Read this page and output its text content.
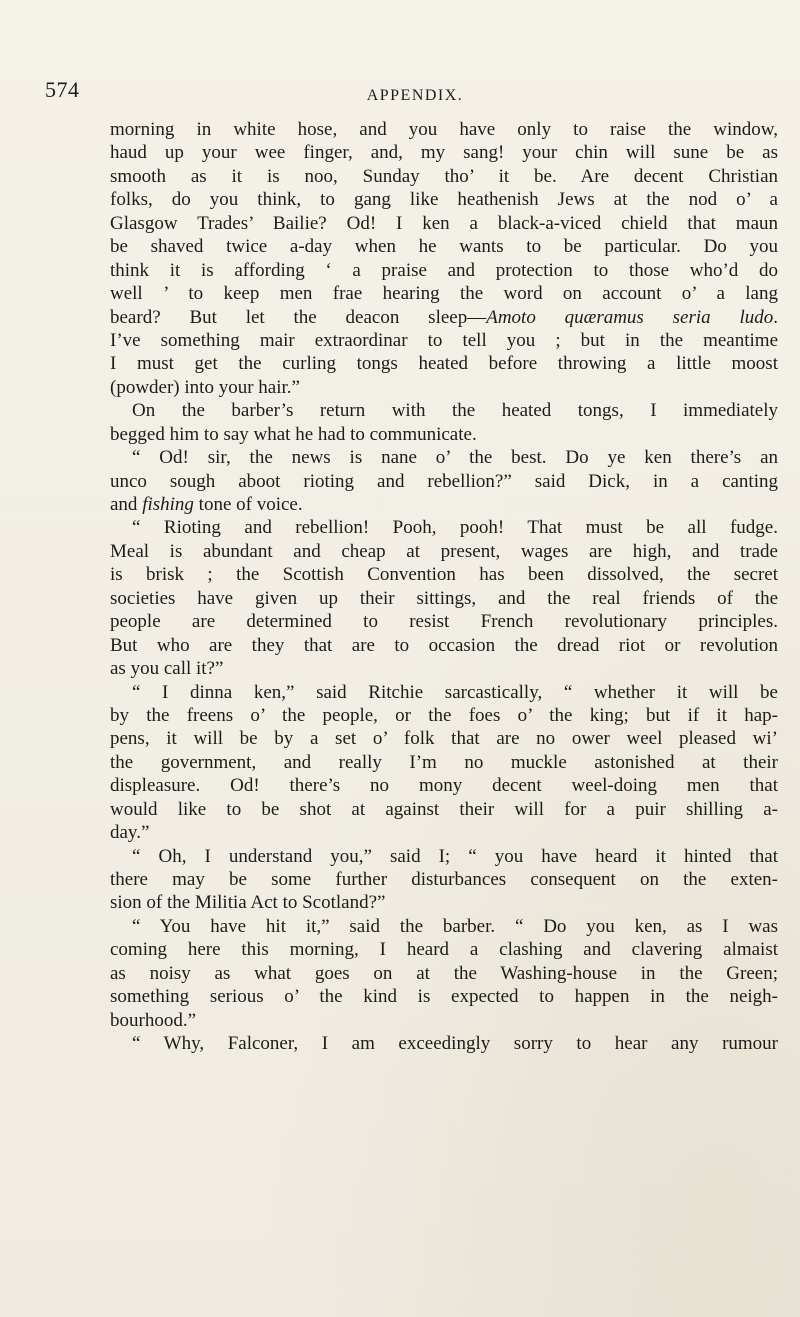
574	APPENDIX.
morning in white hose, and you have only to raise the window,
haud up your wee finger, and, my sang! your chin will sune be as
smooth as it is noo, Sunday tho’ it be. Are decent Christian
folks, do you think, to gang like heathenish Jews at the nod o’ a
Glasgow Trades’ Bailie? Od! I ken a black-a-viced chield that maun
be shaved twice a-day when he wants to be particular. Do you
think it is affording ‘ a praise and protection to those who’d do
well ’ to keep men frae hearing the word on account o’ a lang
beard? But let the deacon sleep—Amoto quæramus seria ludo.
I’ve something mair extraordinar to tell you ; but in the meantime
I must get the curling tongs heated before throwing a little moost
(powder) into your hair.”
On the barber’s return with the heated tongs, I immediately
begged him to say what he had to communicate.
“ Od! sir, the news is nane o’ the best. Do ye ken there’s an
unco sough aboot rioting and rebellion?” said Dick, in a canting
and fishing tone of voice.
“ Rioting and rebellion! Pooh, pooh! That must be all fudge.
Meal is abundant and cheap at present, wages are high, and trade
is brisk ; the Scottish Convention has been dissolved, the secret
societies have given up their sittings, and the real friends of the
people are determined to resist French revolutionary principles.
But who are they that are to occasion the dread riot or revolution
as you call it?”
“ I dinna ken,” said Ritchie sarcastically, “ whether it will be
by the freens o’ the people, or the foes o’ the king; but if it hap-
pens, it will be by a set o’ folk that are no ower weel pleased wi’
the government, and really I’m no muckle astonished at their
displeasure. Od! there’s no mony decent weel-doing men that
would like to be shot at against their will for a puir shilling a-
day.”
“ Oh, I understand you,” said I; “ you have heard it hinted that
there may be some further disturbances consequent on the exten-
sion of the Militia Act to Scotland?”
“ You have hit it,” said the barber. “ Do you ken, as I was
coming here this morning, I heard a clashing and clavering almaist
as noisy as what goes on at the Washing-house in the Green;
something serious o’ the kind is expected to happen in the neigh-
bourhood.”
“ Why, Falconer, I am exceedingly sorry to hear any rumour
